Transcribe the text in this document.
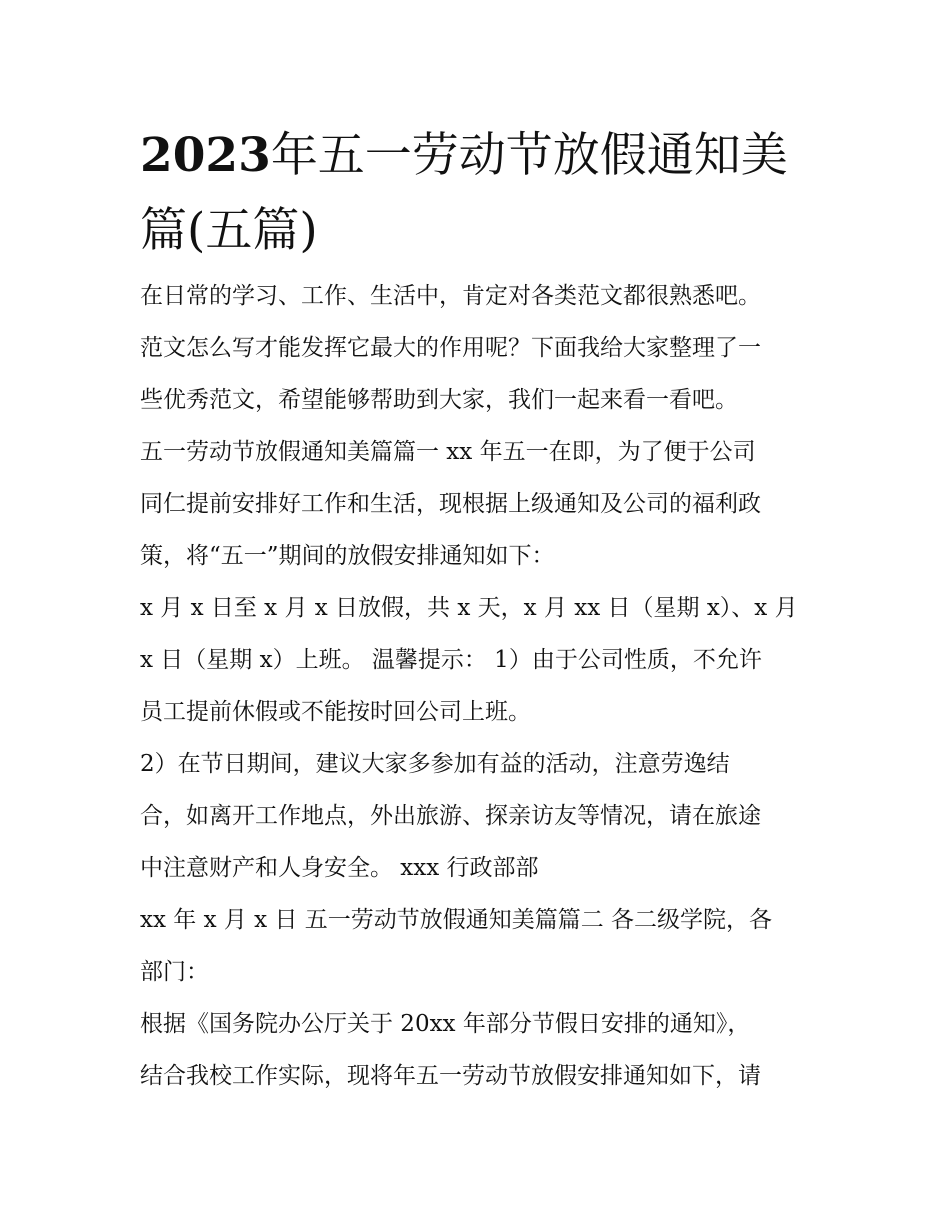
2023年五一劳动节放假通知美
篇(五篇)
在日常的学习、工作、生活中，肯定对各类范文都很熟悉吧。
范文怎么写才能发挥它最大的作用呢？下面我给大家整理了一
些优秀范文，希望能够帮助到大家，我们一起来看一看吧。
五一劳动节放假通知美篇篇一 xx 年五一在即，为了便于公司
同仁提前安排好工作和生活，现根据上级通知及公司的福利政
策，将“五一”期间的放假安排通知如下：
x 月 x 日至 x 月 x 日放假，共 x 天，x 月 xx 日（星期 x）、x 月
x 日（星期 x）上班。 温馨提示： 1）由于公司性质，不允许
员工提前休假或不能按时回公司上班。
2）在节日期间，建议大家多参加有益的活动，注意劳逸结
合，如离开工作地点，外出旅游、探亲访友等情况，请在旅途
中注意财产和人身安全。 xxx 行政部部
xx 年 x 月 x 日 五一劳动节放假通知美篇篇二 各二级学院，各
部门：
根据《国务院办公厅关于 20xx 年部分节假日安排的通知》，
结合我校工作实际，现将年五一劳动节放假安排通知如下，请
